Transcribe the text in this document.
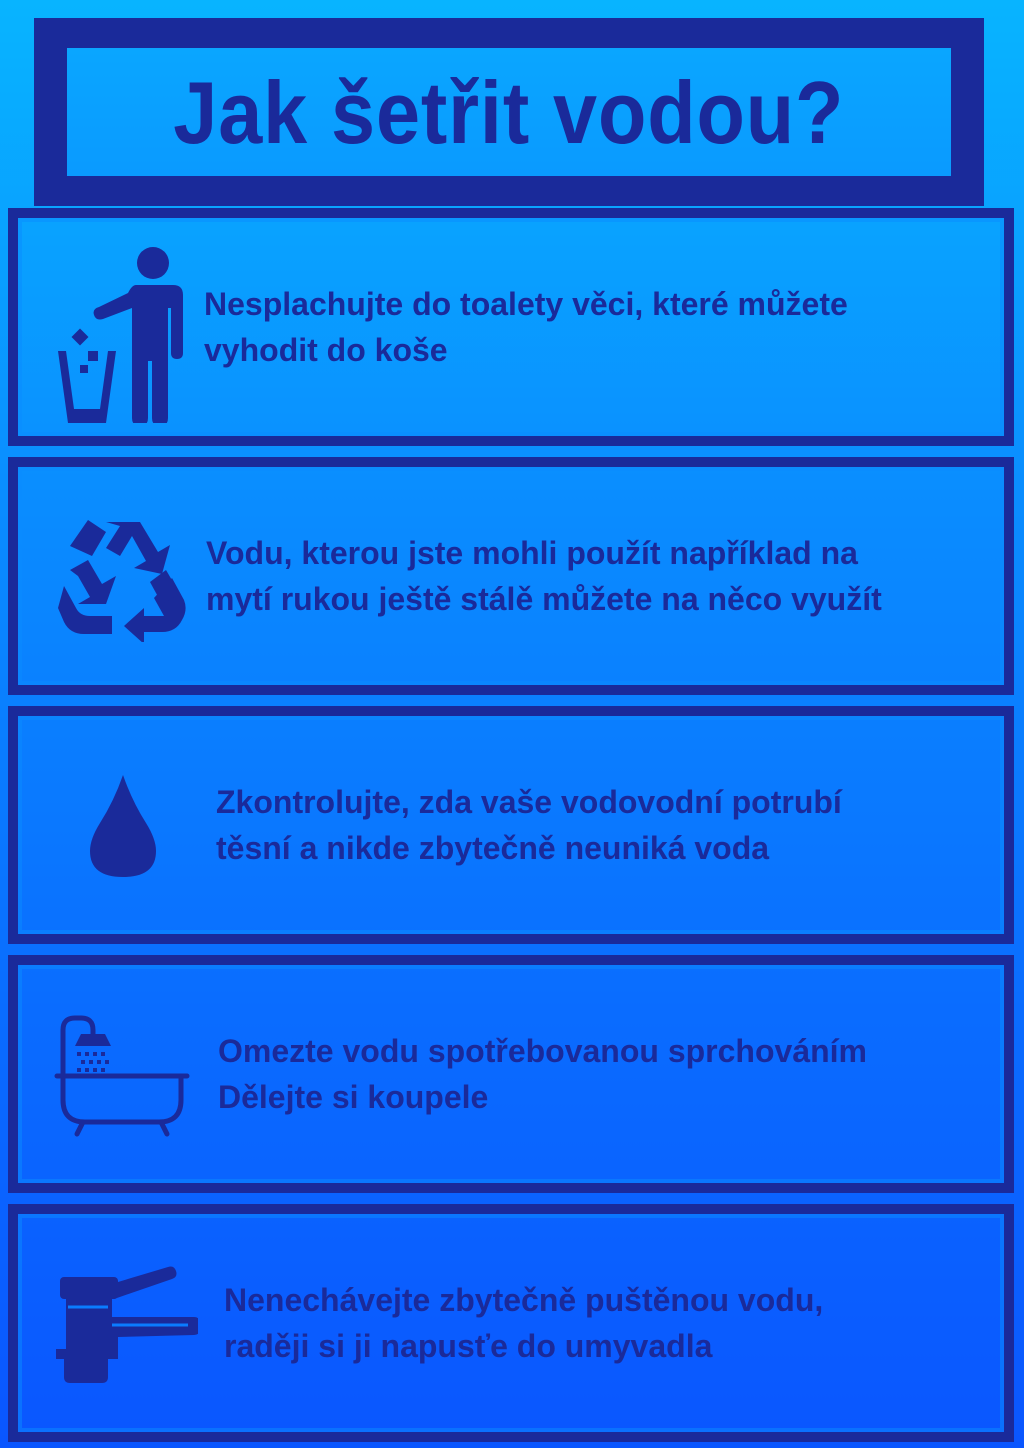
Jak šetřit vodou?
Nesplachujte do toalety věci, které můžete
vyhodit do koše
Vodu, kterou jste mohli použít například na
mytí rukou ještě stálě můžete na něco využít
Zkontrolujte, zda vaše vodovodní potrubí
těsní a nikde zbytečně neuniká voda
Omezte vodu spotřebovanou sprchováním
Dělejte si koupele
Nenechávejte zbytečně puštěnou vodu,
raději si ji napusťe do umyvadla
